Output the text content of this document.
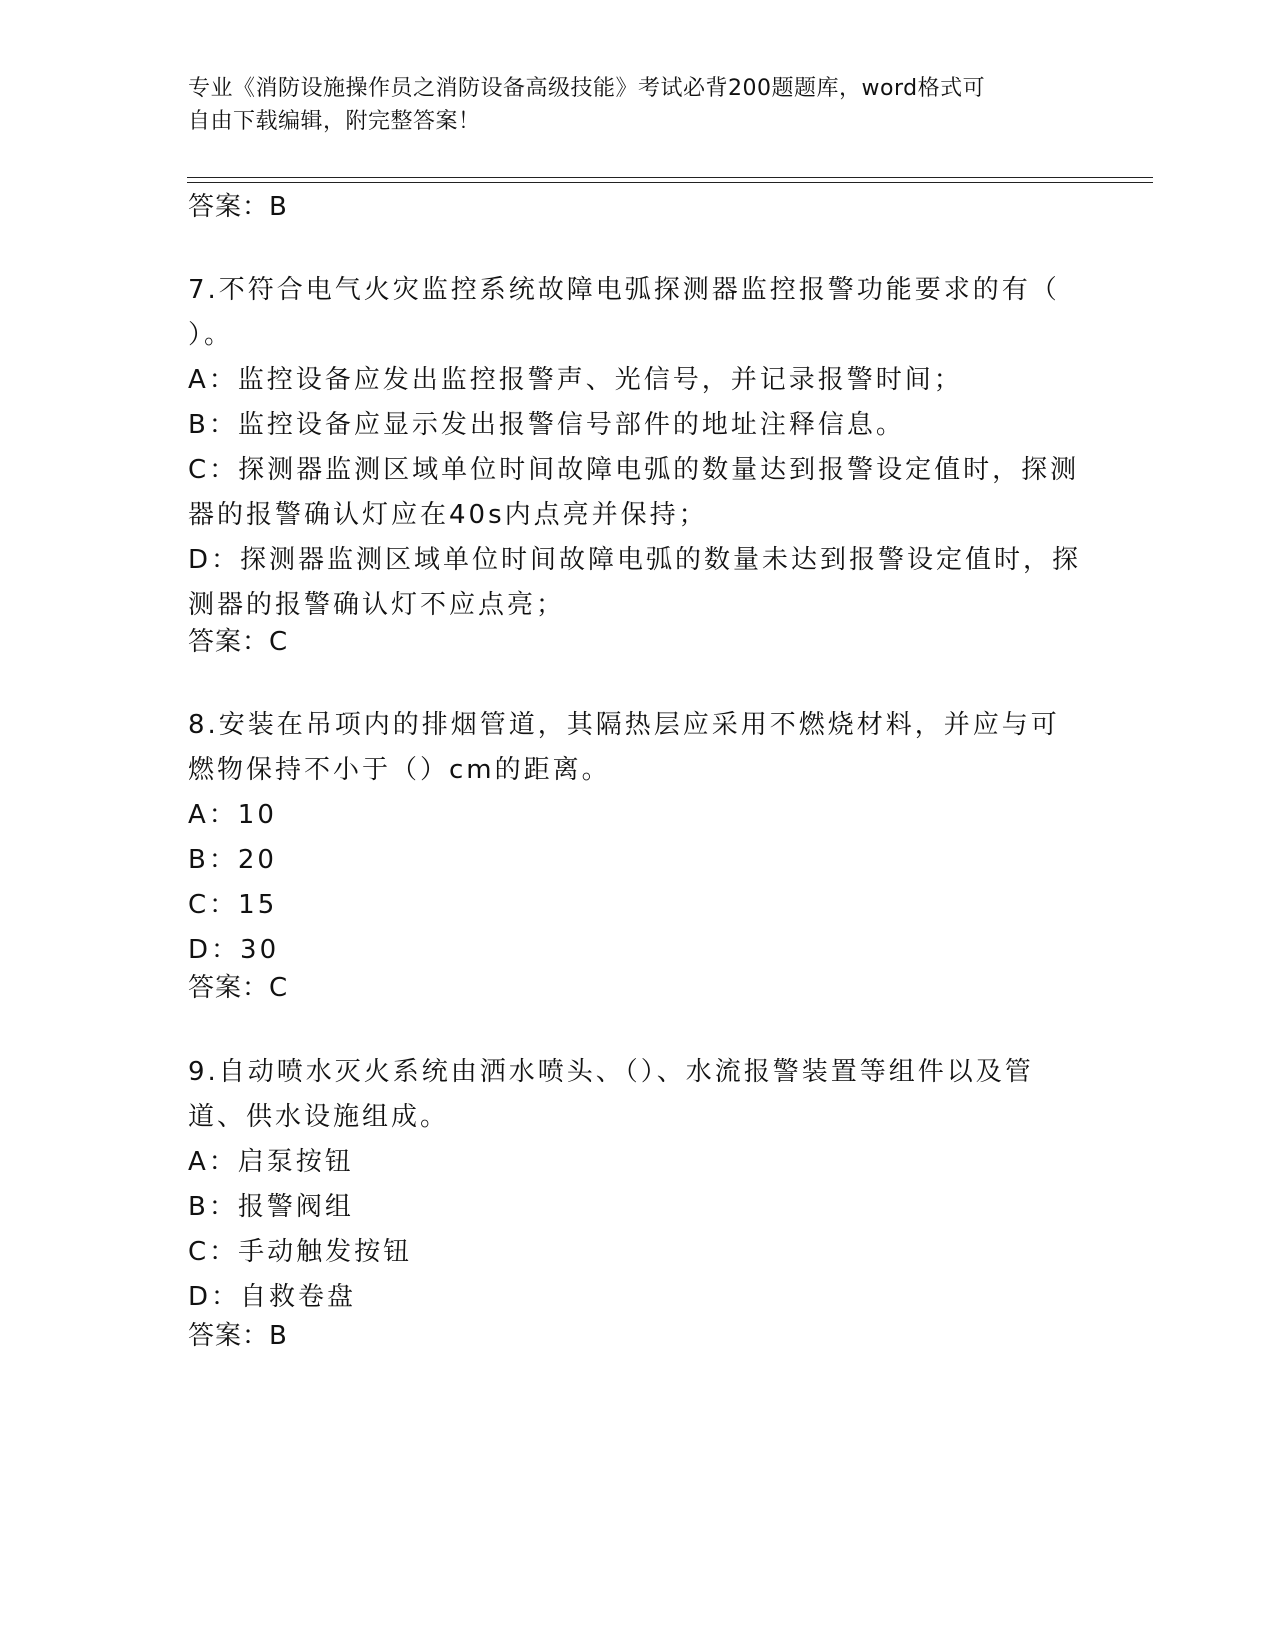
专业《消防设施操作员之消防设备高级技能》考试必背200题题库，word格式可
自由下载编辑，附完整答案！
答案：B
7.不符合电气火灾监控系统故障电弧探测器监控报警功能要求的有（
）。
A：监控设备应发出监控报警声、光信号，并记录报警时间；
B：监控设备应显示发出报警信号部件的地址注释信息。
C：探测器监测区域单位时间故障电弧的数量达到报警设定值时，探测
器的报警确认灯应在40s内点亮并保持；
D：探测器监测区域单位时间故障电弧的数量未达到报警设定值时，探
测器的报警确认灯不应点亮；
答案：C
8.安装在吊项内的排烟管道，其隔热层应采用不燃烧材料，并应与可
燃物保持不小于（）cm的距离。
A：10
B：20
C：15
D：30
答案：C
9.自动喷水灭火系统由洒水喷头、（）、水流报警装置等组件以及管
道、供水设施组成。
A：启泵按钮
B：报警阀组
C：手动触发按钮
D：自救卷盘
答案：B
